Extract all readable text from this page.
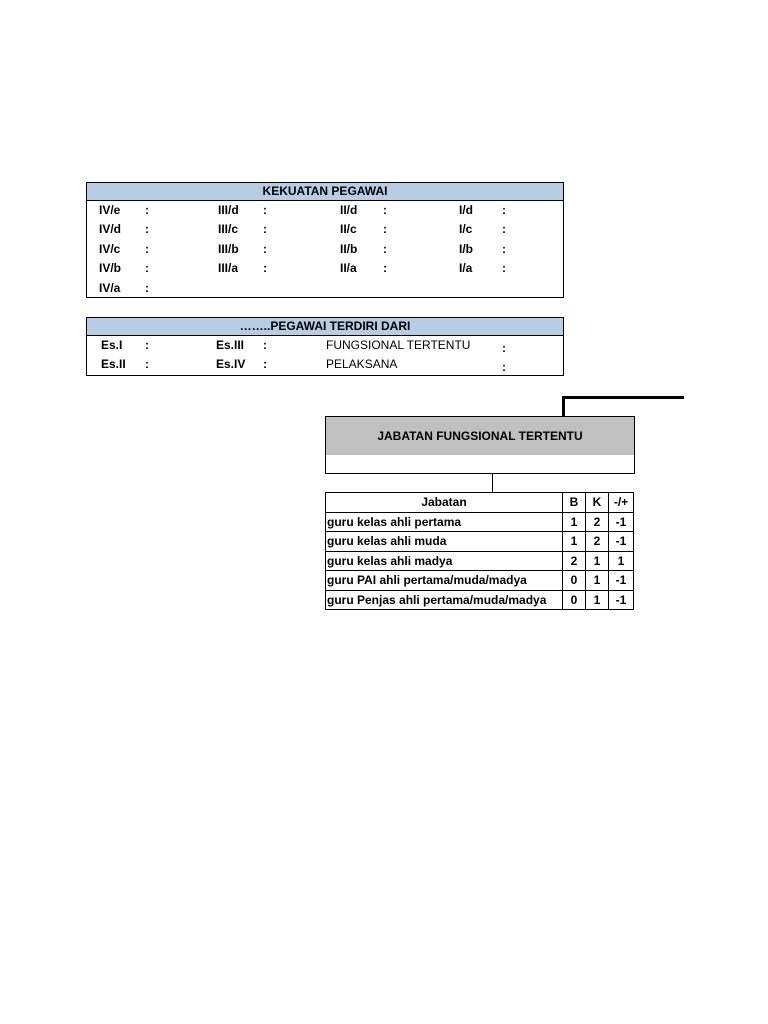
KEKUATAN PEGAWAI
IV/e :	III/d :	II/d :	I/d :
IV/d :	III/c :	II/c :	I/c :
IV/c :	III/b :	II/b :	I/b :
IV/b :	III/a :	II/a :	I/a :
IV/a :
……..PEGAWAI TERDIRI DARI
Es.I :	Es.III :	FUNGSIONAL TERTENTU	:
Es.II :	Es.IV :	PELAKSANA	:
JABATAN FUNGSIONAL TERTENTU
Jabatan	B	K	-/+
guru kelas ahli pertama	1	2	-1
guru kelas ahli muda	1	2	-1
guru kelas ahli madya	2	1	1
guru PAI ahli pertama/muda/madya	0	1	-1
guru Penjas ahli pertama/muda/madya	0	1	-1
